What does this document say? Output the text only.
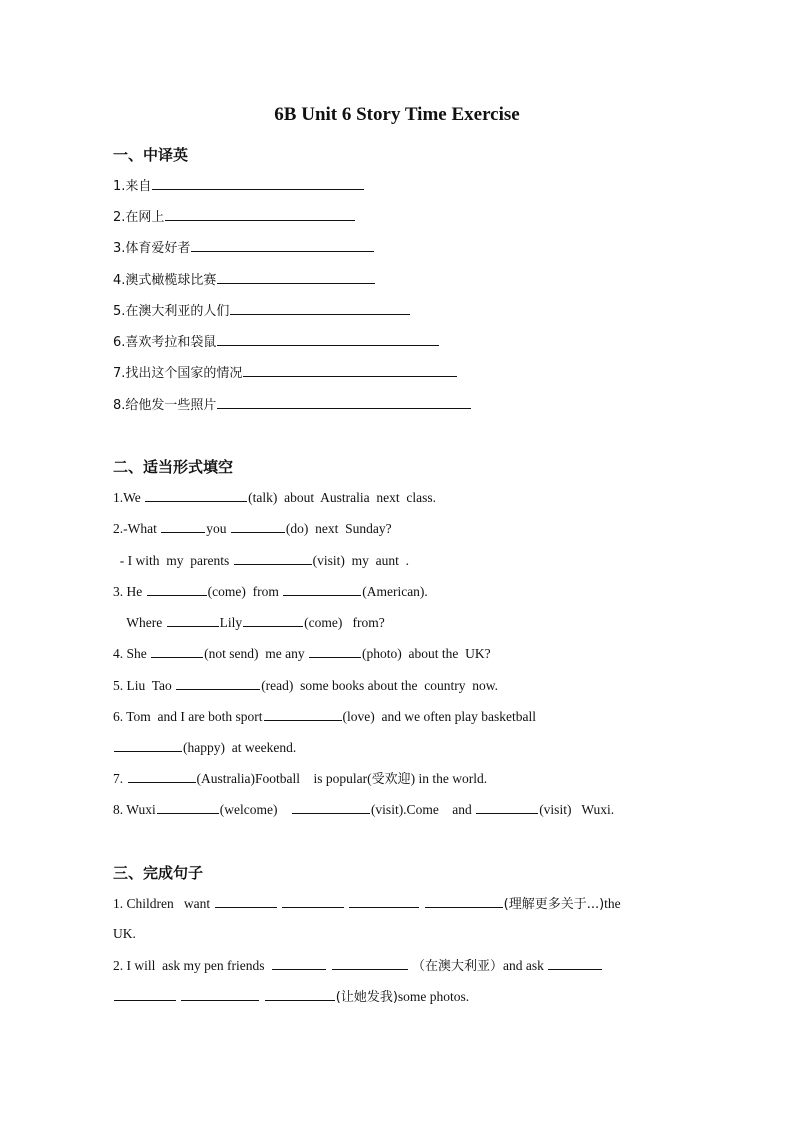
6B Unit 6 Story Time Exercise
一、中译英
1.来自
2.在网上
3.体育爱好者
4.澳式橄榄球比赛
5.在澳大利亚的人们
6.喜欢考拉和袋鼠
7.找出这个国家的情况
8.给他发一些照片
二、适当形式填空
1.We	(talk)  about  Australia  next  class.
2.-What	you	(do)  next  Sunday?
- I with  my  parents	(visit)  my  aunt  .
3. He	(come)  from	(American).
Where	Lily	(come)   from?
4. She	(not send)  me any	(photo)  about the  UK?
5. Liu  Tao	(read)  some books about the  country  now.
6. Tom  and I are both sport	(love)  and we often play basketball
(happy)  at weekend.
7.	(Australia)Football    is popular(受欢迎) in the world.
8. Wuxi	(welcome)	(visit).Come    and	(visit)   Wuxi.
三、完成句子
1. Children   want	(理解更多关于...)the
UK.
2. I will  ask my pen friends	（在澳大利亚）and ask
(让她发我)some photos.
